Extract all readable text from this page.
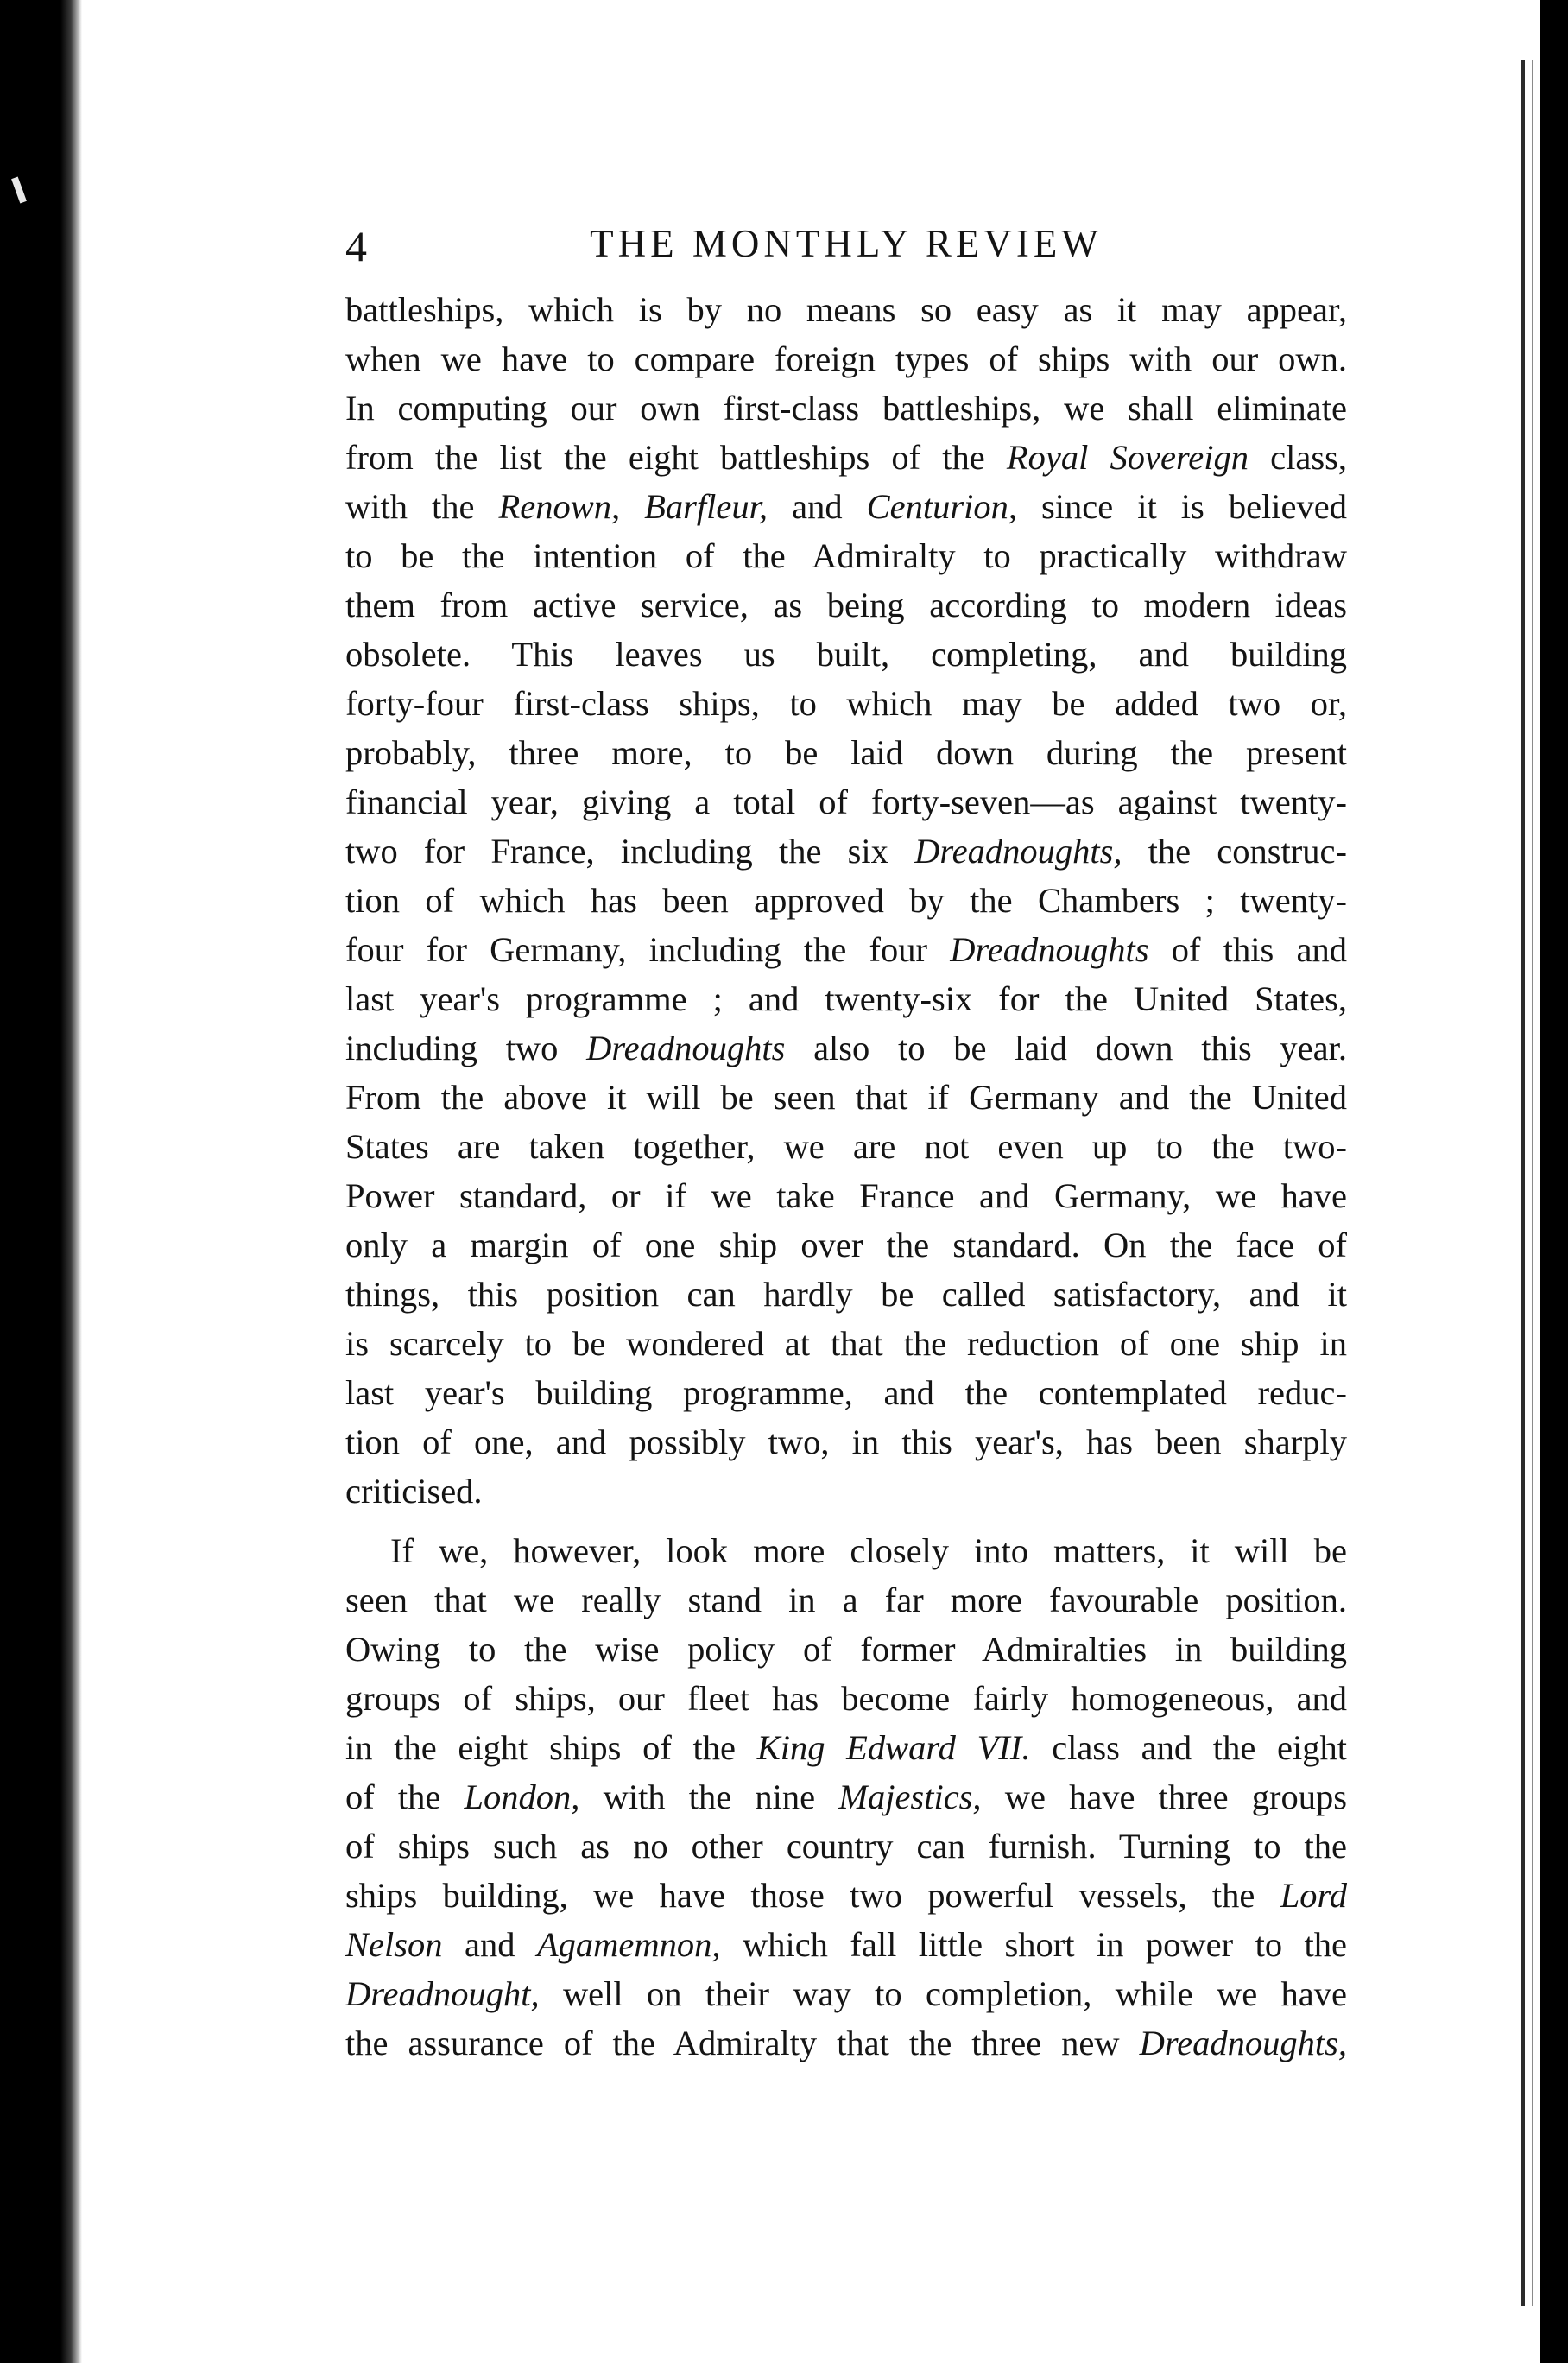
4	THE MONTHLY REVIEW
battleships, which is by no means so easy as it may appear,
when we have to compare foreign types of ships with our own.
In computing our own first-class battleships, we shall eliminate
from the list the eight battleships of the Royal Sovereign class,
with the Renown, Barfleur, and Centurion, since it is believed
to be the intention of the Admiralty to practically withdraw
them from active service, as being according to modern ideas
obsolete. This leaves us built, completing, and building
forty-four first-class ships, to which may be added two or,
probably, three more, to be laid down during the present
financial year, giving a total of forty-seven—as against twenty-
two for France, including the six Dreadnoughts, the construc-
tion of which has been approved by the Chambers ; twenty-
four for Germany, including the four Dreadnoughts of this and
last year's programme ; and twenty-six for the United States,
including two Dreadnoughts also to be laid down this year.
From the above it will be seen that if Germany and the United
States are taken together, we are not even up to the two-
Power standard, or if we take France and Germany, we have
only a margin of one ship over the standard. On the face of
things, this position can hardly be called satisfactory, and it
is scarcely to be wondered at that the reduction of one ship in
last year's building programme, and the contemplated reduc-
tion of one, and possibly two, in this year's, has been sharply
criticised.
If we, however, look more closely into matters, it will be
seen that we really stand in a far more favourable position.
Owing to the wise policy of former Admiralties in building
groups of ships, our fleet has become fairly homogeneous, and
in the eight ships of the King Edward VII. class and the eight
of the London, with the nine Majestics, we have three groups
of ships such as no other country can furnish. Turning to the
ships building, we have those two powerful vessels, the Lord
Nelson and Agamemnon, which fall little short in power to the
Dreadnought, well on their way to completion, while we have
the assurance of the Admiralty that the three new Dreadnoughts,
